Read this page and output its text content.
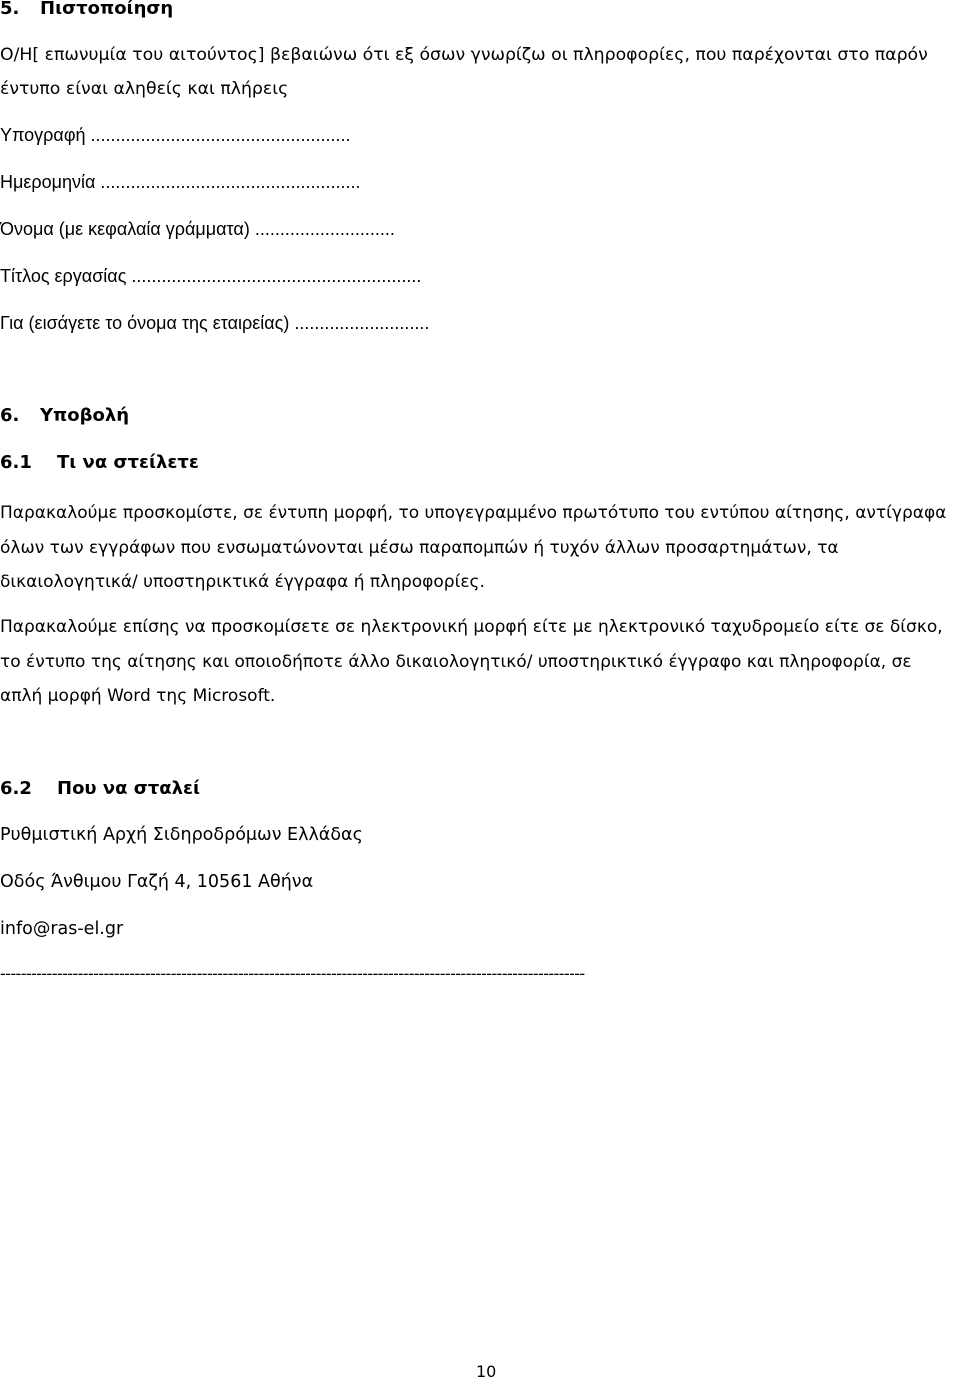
5. Πιστοποίηση

Ο/Η[ επωνυμία του αιτούντος] βεβαιώνω ότι εξ όσων γνωρίζω οι πληροφορίες, που παρέχονται στο παρόν έντυπο είναι αληθείς και πλήρεις

Υπογραφή ....................................................

Ημερομηνία ....................................................

Όνομα (με κεφαλαία γράμματα) ............................

Τίτλος εργασίας ..........................................................

Για (εισάγετε το όνομα της εταιρείας) ...........................

6. Υποβολή
6.1 Τι να στείλετε

Παρακαλούμε προσκομίστε, σε έντυπη μορφή, το υπογεγραμμένο πρωτότυπο του εντύπου αίτησης, αντίγραφα όλων των εγγράφων που ενσωματώνονται μέσω παραπομπών ή τυχόν άλλων προσαρτημάτων, τα δικαιολογητικά/ υποστηρικτικά έγγραφα ή πληροφορίες.

Παρακαλούμε επίσης να προσκομίσετε σε ηλεκτρονική μορφή είτε με ηλεκτρονικό ταχυδρομείο είτε σε δίσκο, το έντυπο της αίτησης και οποιοδήποτε άλλο δικαιολογητικό/ υποστηρικτικό έγγραφο και πληροφορία, σε απλή μορφή Word της Microsoft.

6.2 Που να σταλεί

Ρυθμιστική Αρχή Σιδηροδρόμων Ελλάδας

Οδός Άνθιμου Γαζή 4, 10561 Αθήνα

info@ras-el.gr

-----------------------------------------------------------------------------------------------------------------

10
